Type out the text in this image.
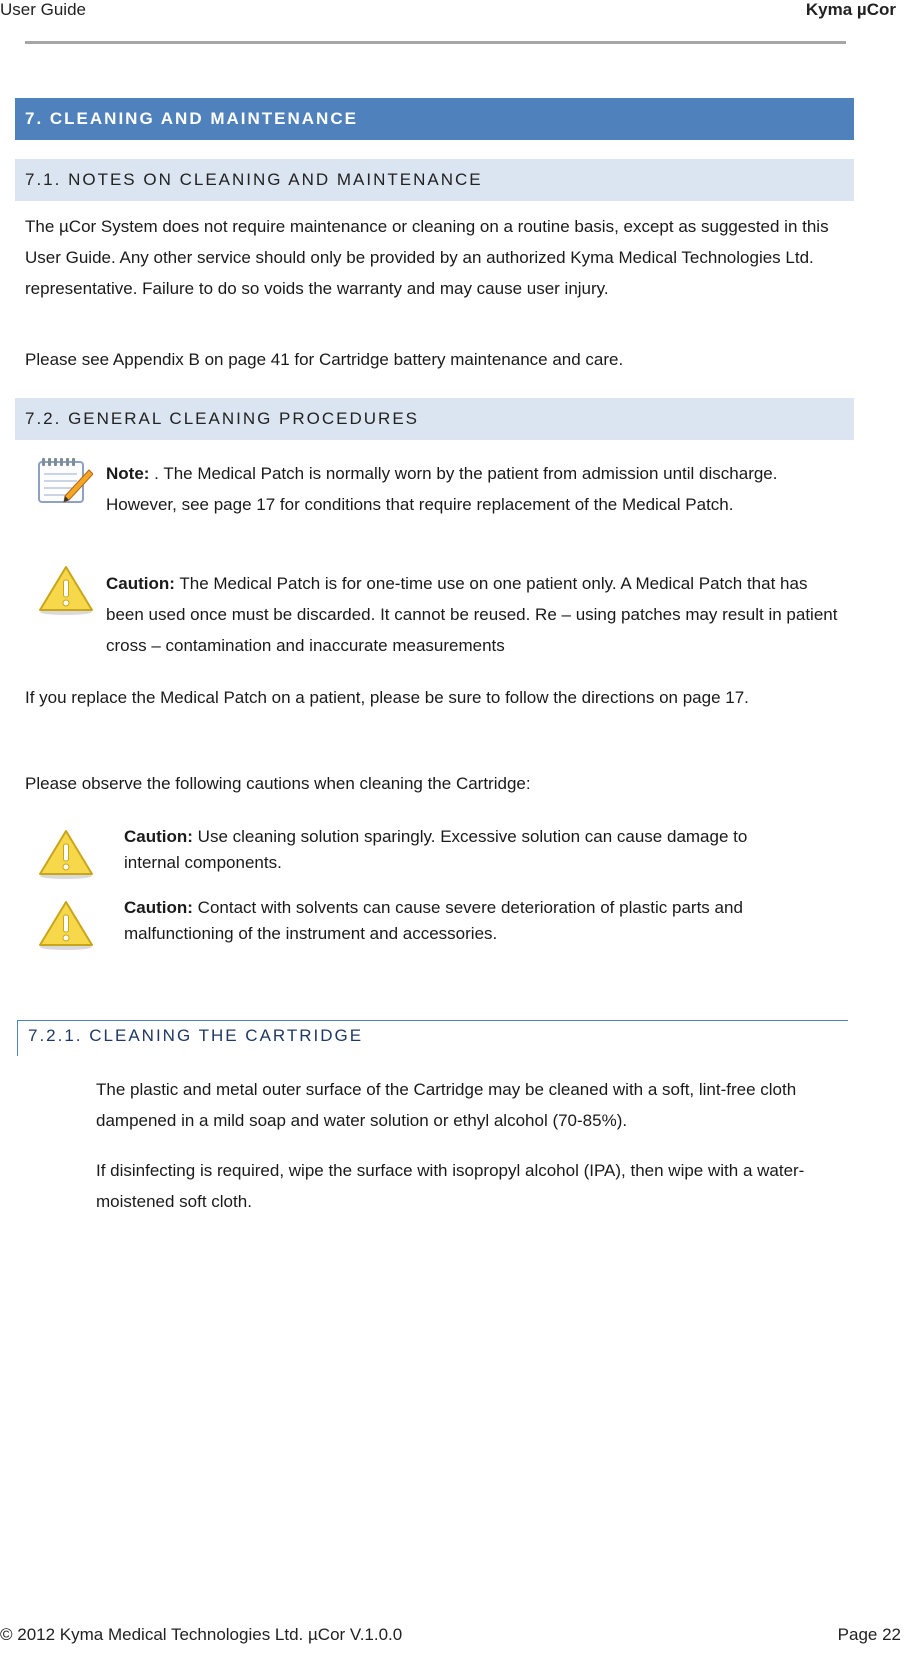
User Guide	Kyma µCor
7. CLEANING AND MAINTENANCE
7.1. NOTES ON CLEANING AND MAINTENANCE

The µCor System does not require maintenance or cleaning on a routine basis, except as suggested in this User Guide. Any other service should only be provided by an authorized Kyma Medical Technologies Ltd. representative. Failure to do so voids the warranty and may cause user injury.

Please see Appendix B on page 41 for Cartridge battery maintenance and care.

7.2. GENERAL CLEANING PROCEDURES

Note: . The Medical Patch is normally worn by the patient from admission until discharge. However, see page 17 for conditions that require replacement of the Medical Patch.

Caution: The Medical Patch is for one-time use on one patient only. A Medical Patch that has been used once must be discarded. It cannot be reused. Re – using patches may result in patient cross – contamination and inaccurate measurements

If you replace the Medical Patch on a patient, please be sure to follow the directions on page 17.

Please observe the following cautions when cleaning the Cartridge:

Caution: Use cleaning solution sparingly. Excessive solution can cause damage to internal components.

Caution: Contact with solvents can cause severe deterioration of plastic parts and malfunctioning of the instrument and accessories.

7.2.1. CLEANING THE CARTRIDGE

The plastic and metal outer surface of the Cartridge may be cleaned with a soft, lint-free cloth dampened in a mild soap and water solution or ethyl alcohol (70-85%).

If disinfecting is required, wipe the surface with isopropyl alcohol (IPA), then wipe with a water-moistened soft cloth.

© 2012 Kyma Medical Technologies Ltd. µCor V.1.0.0	Page 22
